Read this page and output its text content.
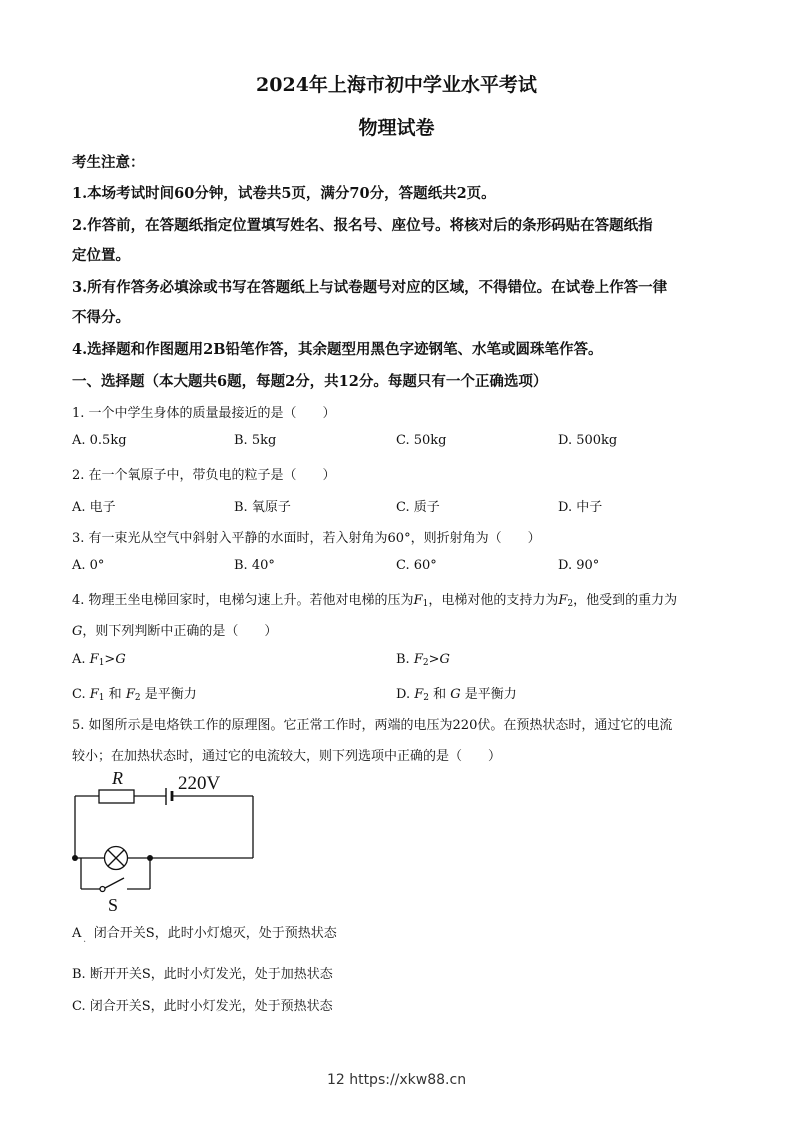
2024年上海市初中学业水平考试
物理试卷
考生注意：
1.本场考试时间60分钟，试卷共5页，满分70分，答题纸共2页。
2.作答前，在答题纸指定位置填写姓名、报名号、座位号。将核对后的条形码贴在答题纸指
定位置。
3.所有作答务必填涂或书写在答题纸上与试卷题号对应的区域，不得错位。在试卷上作答一律
不得分。
4.选择题和作图题用2B铅笔作答，其余题型用黑色字迹钢笔、水笔或圆珠笔作答。
一、选择题（本大题共6题，每题2分，共12分。每题只有一个正确选项）
1. 一个中学生身体的质量最接近的是（　　）
A. 0.5kg	B. 5kg	C. 50kg	D. 500kg
2. 在一个氧原子中，带负电的粒子是（　　）
A. 电子	B. 氧原子	C. 质子	D. 中子
3. 有一束光从空气中斜射入平静的水面时，若入射角为60°，则折射角为（　　）
A. 0°	B. 40°	C. 60°	D. 90°
4. 物理王坐电梯回家时，电梯匀速上升。若他对电梯的压为$F_1$，电梯对他的支持力为$F_2$，他受到的重力为
G，则下列判断中正确的是（　　）
A. $F_1>G$	B. $F_2>G$
C. $F_1$ 和 $F_2$ 是平衡力	D. $F_2$ 和 G 是平衡力
5. 如图所示是电烙铁工作的原理图。它正常工作时，两端的电压为220伏。在预热状态时，通过它的电流
较小；在加热状态时，通过它的电流较大，则下列选项中正确的是（　　）
R	220V
S
A 闭合开关S，此时小灯熄灭，处于预热状态
.
B. 断开开关S，此时小灯发光，处于加热状态
C. 闭合开关S，此时小灯发光，处于预热状态
12 https://xkw88.cn
